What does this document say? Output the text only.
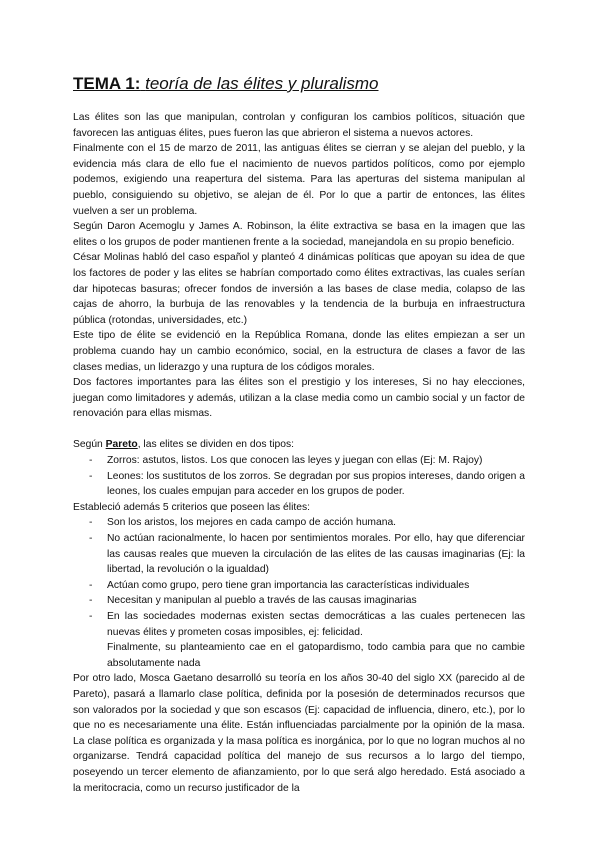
TEMA 1: teoría de las élites y pluralismo

Las élites son las que manipulan, controlan y configuran los cambios políticos, situación que favorecen las antiguas élites, pues fueron las que abrieron el sistema a nuevos actores.

Finalmente con el 15 de marzo de 2011, las antiguas élites se cierran y se alejan del pueblo, y la evidencia más clara de ello fue el nacimiento de nuevos partidos políticos, como por ejemplo podemos, exigiendo una reapertura del sistema. Para las aperturas del sistema manipulan al pueblo, consiguiendo su objetivo, se alejan de él. Por lo que a partir de entonces, las élites vuelven a ser un problema.

Según Daron Acemoglu y James A. Robinson, la élite extractiva se basa en la imagen que las elites o los grupos de poder mantienen frente a la sociedad, manejandola en su propio beneficio.

César Molinas habló del caso español y planteó 4 dinámicas políticas que apoyan su idea de que los factores de poder y las elites se habrían comportado como élites extractivas, las cuales serían dar hipotecas basuras; ofrecer fondos de inversión a las bases de clase media, colapso de las cajas de ahorro, la burbuja de las renovables y la tendencia de la burbuja en infraestructura pública (rotondas, universidades, etc.)

Este tipo de élite se evidenció en la República Romana, donde las elites empiezan a ser un problema cuando hay un cambio económico, social, en la estructura de clases a favor de las clases medias, un liderazgo y una ruptura de los códigos morales.

Dos factores importantes para las élites son el prestigio y los intereses, Si no hay elecciones, juegan como limitadores y además, utilizan a la clase media como un cambio social y un factor de renovación para ellas mismas.

Según Pareto, las elites se dividen en dos tipos:

- Zorros: astutos, listos. Los que conocen las leyes y juegan con ellas (Ej: M. Rajoy)
- Leones: los sustitutos de los zorros. Se degradan por sus propios intereses, dando origen a leones, los cuales empujan para acceder en los grupos de poder.

Estableció además 5 criterios que poseen las élites:

- Son los aristos, los mejores en cada campo de acción humana.
- No actúan racionalmente, lo hacen por sentimientos morales. Por ello, hay que diferenciar las causas reales que mueven la circulación de las elites de las causas imaginarias (Ej: la libertad, la revolución o la igualdad)
- Actúan como grupo, pero tiene gran importancia las características individuales
- Necesitan y manipulan al pueblo a través de las causas imaginarias
- En las sociedades modernas existen sectas democráticas a las cuales pertenecen las nuevas élites y prometen cosas imposibles, ej: felicidad.

Finalmente, su planteamiento cae en el gatopardismo, todo cambia para que no cambie absolutamente nada

Por otro lado, Mosca Gaetano desarrolló su teoría en los años 30-40 del siglo XX (parecido al de Pareto), pasará a llamarlo clase política, definida por la posesión de determinados recursos que son valorados por la sociedad y que son escasos (Ej: capacidad de influencia, dinero, etc.), por lo que no es necesariamente una élite. Están influenciadas parcialmente por la opinión de la masa. La clase política es organizada y la masa política es inorgánica, por lo que no logran muchos al no organizarse. Tendrá capacidad política del manejo de sus recursos a lo largo del tiempo, poseyendo un tercer elemento de afianzamiento, por lo que será algo heredado. Está asociado a la meritocracia, como un recurso justificador de la
